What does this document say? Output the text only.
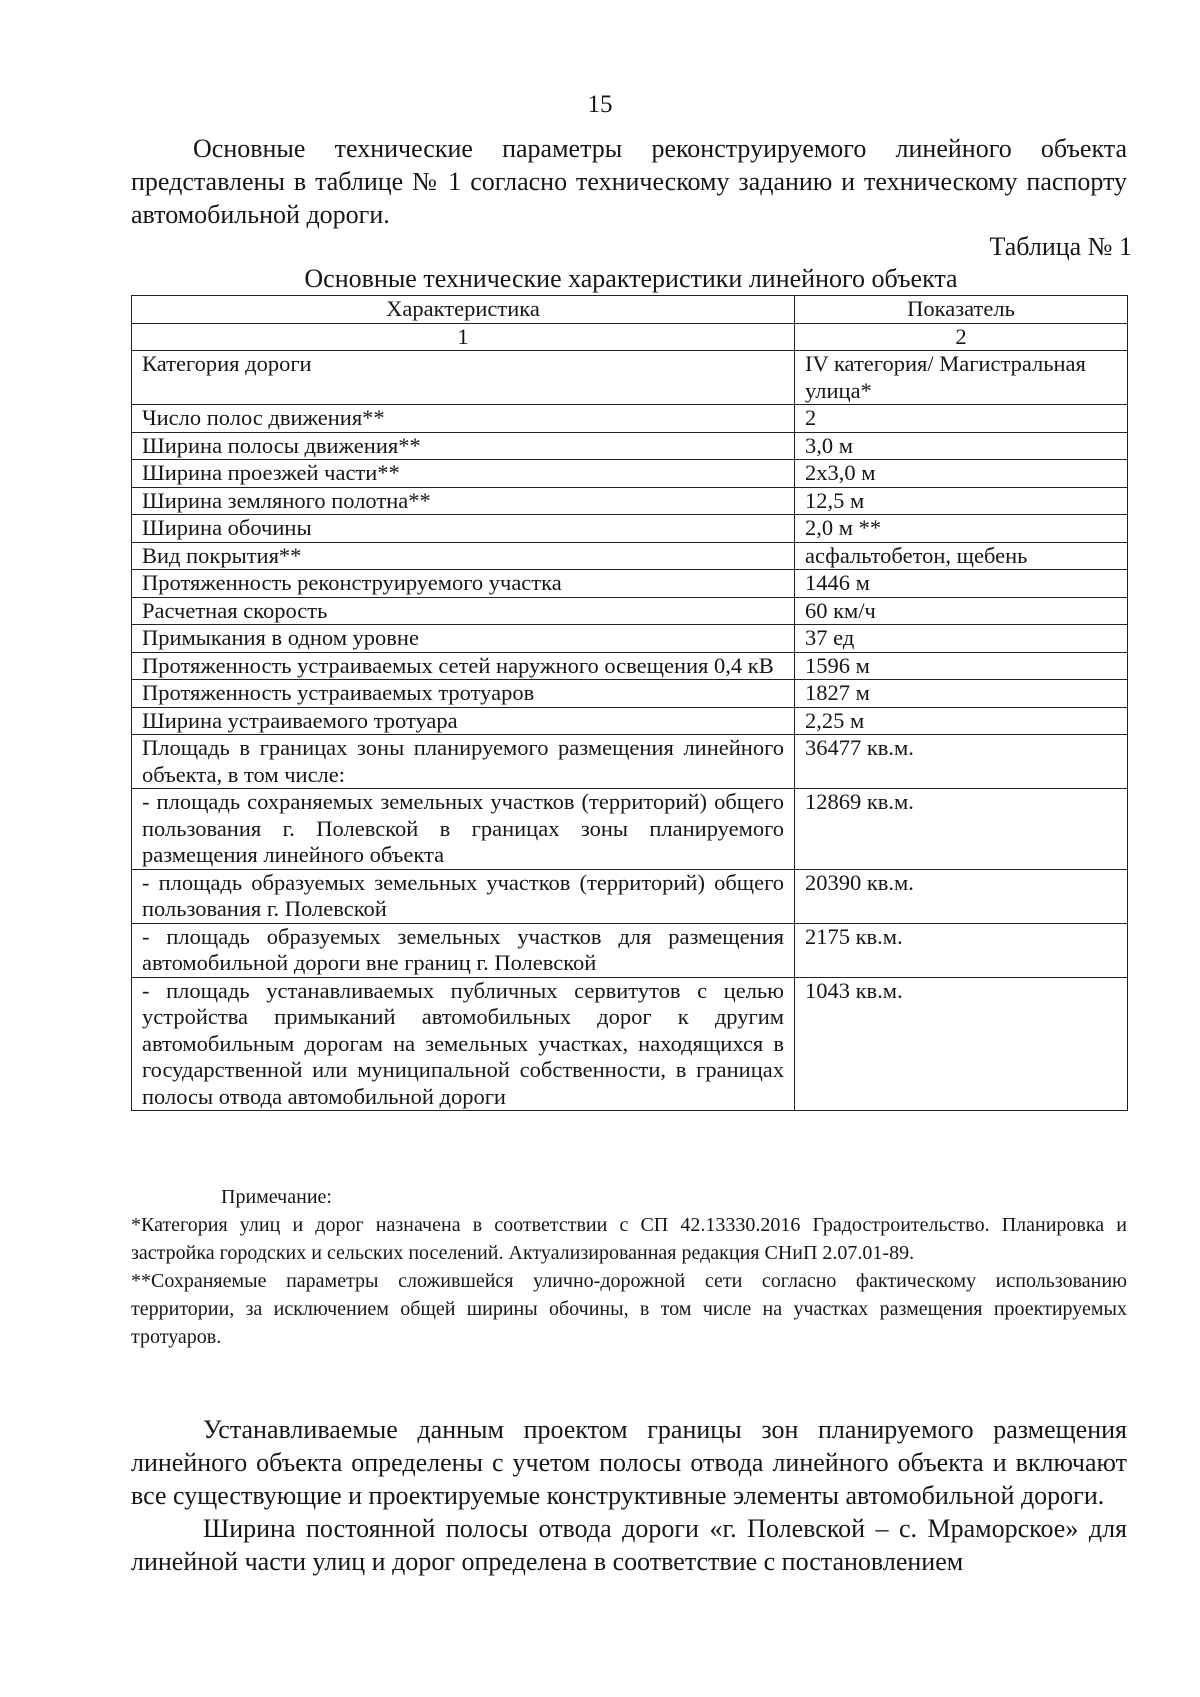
15

Основные технические параметры реконструируемого линейного объекта представлены в таблице № 1 согласно техническому заданию и техническому паспорту автомобильной дороги.

Таблица № 1
Основные технические характеристики линейного объекта
Характеристика	Показатель
1	2
Категория дороги	IV категория/ Магистральная улица*
Число полос движения**	2
Ширина полосы движения**	3,0 м
Ширина проезжей части**	2х3,0 м
Ширина земляного полотна**	12,5 м
Ширина обочины	2,0 м **
Вид покрытия**	асфальтобетон, щебень
Протяженность реконструируемого участка	1446 м
Расчетная скорость	60 км/ч
Примыкания в одном уровне	37 ед
Протяженность устраиваемых сетей наружного освещения 0,4 кВ	1596 м
Протяженность устраиваемых тротуаров	1827 м
Ширина устраиваемого тротуара	2,25 м
Площадь в границах зоны планируемого размещения линейного объекта, в том числе:	36477 кв.м.
- площадь сохраняемых земельных участков (территорий) общего пользования г. Полевской в границах зоны планируемого размещения линейного объекта	12869 кв.м.
- площадь образуемых земельных участков (территорий) общего пользования г. Полевской	20390 кв.м.
- площадь образуемых земельных участков для размещения автомобильной дороги вне границ г. Полевской	2175 кв.м.
- площадь устанавливаемых публичных сервитутов с целью устройства примыканий автомобильных дорог к другим автомобильным дорогам на земельных участках, находящихся в государственной или муниципальной собственности, в границах полосы отвода автомобильной дороги	1043 кв.м.

Примечание:

*Категория улиц и дорог назначена в соответствии с СП 42.13330.2016 Градостроительство. Планировка и застройка городских и сельских поселений. Актуализированная редакция СНиП 2.07.01-89.

**Сохраняемые параметры сложившейся улично-дорожной сети согласно фактическому использованию территории, за исключением общей ширины обочины, в том числе на участках размещения проектируемых тротуаров.

Устанавливаемые данным проектом границы зон планируемого размещения линейного объекта определены с учетом полосы отвода линейного объекта и включают все существующие и проектируемые конструктивные элементы автомобильной дороги.

Ширина постоянной полосы отвода дороги «г. Полевской – с. Мраморское» для линейной части улиц и дорог определена в соответствие с постановлением
